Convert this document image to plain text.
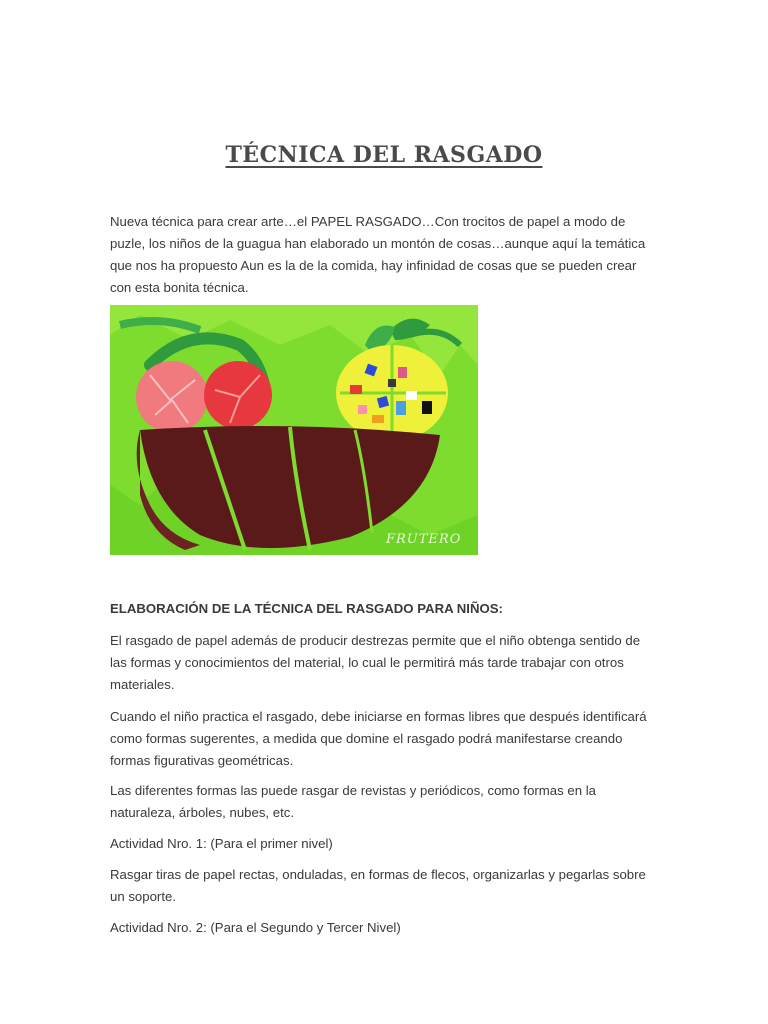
TÉCNICA DEL RASGADO
Nueva técnica para crear arte…el PAPEL RASGADO…Con trocitos de papel a modo de puzle, los niños de la guagua han elaborado un montón de cosas…aunque aquí la temática que nos ha propuesto Aun es la de la comida, hay infinidad de cosas que se pueden crear con esta bonita técnica.
FRUTERO
ELABORACIÓN DE LA TÉCNICA DEL RASGADO PARA NIÑOS:
El rasgado de papel además de producir destrezas permite que el niño obtenga sentido de las formas y conocimientos del material, lo cual le permitirá más tarde trabajar con otros materiales.
Cuando el niño practica el rasgado, debe iniciarse en formas libres que después identificará como formas sugerentes, a medida que domine el rasgado podrá manifestarse creando formas figurativas geométricas.
Las diferentes formas las puede rasgar de revistas y periódicos, como formas en la naturaleza, árboles, nubes, etc.
Actividad Nro. 1: (Para el primer nivel)
Rasgar tiras de papel rectas, onduladas, en formas de flecos, organizarlas y pegarlas sobre un soporte.
Actividad Nro. 2: (Para el Segundo y Tercer Nivel)
